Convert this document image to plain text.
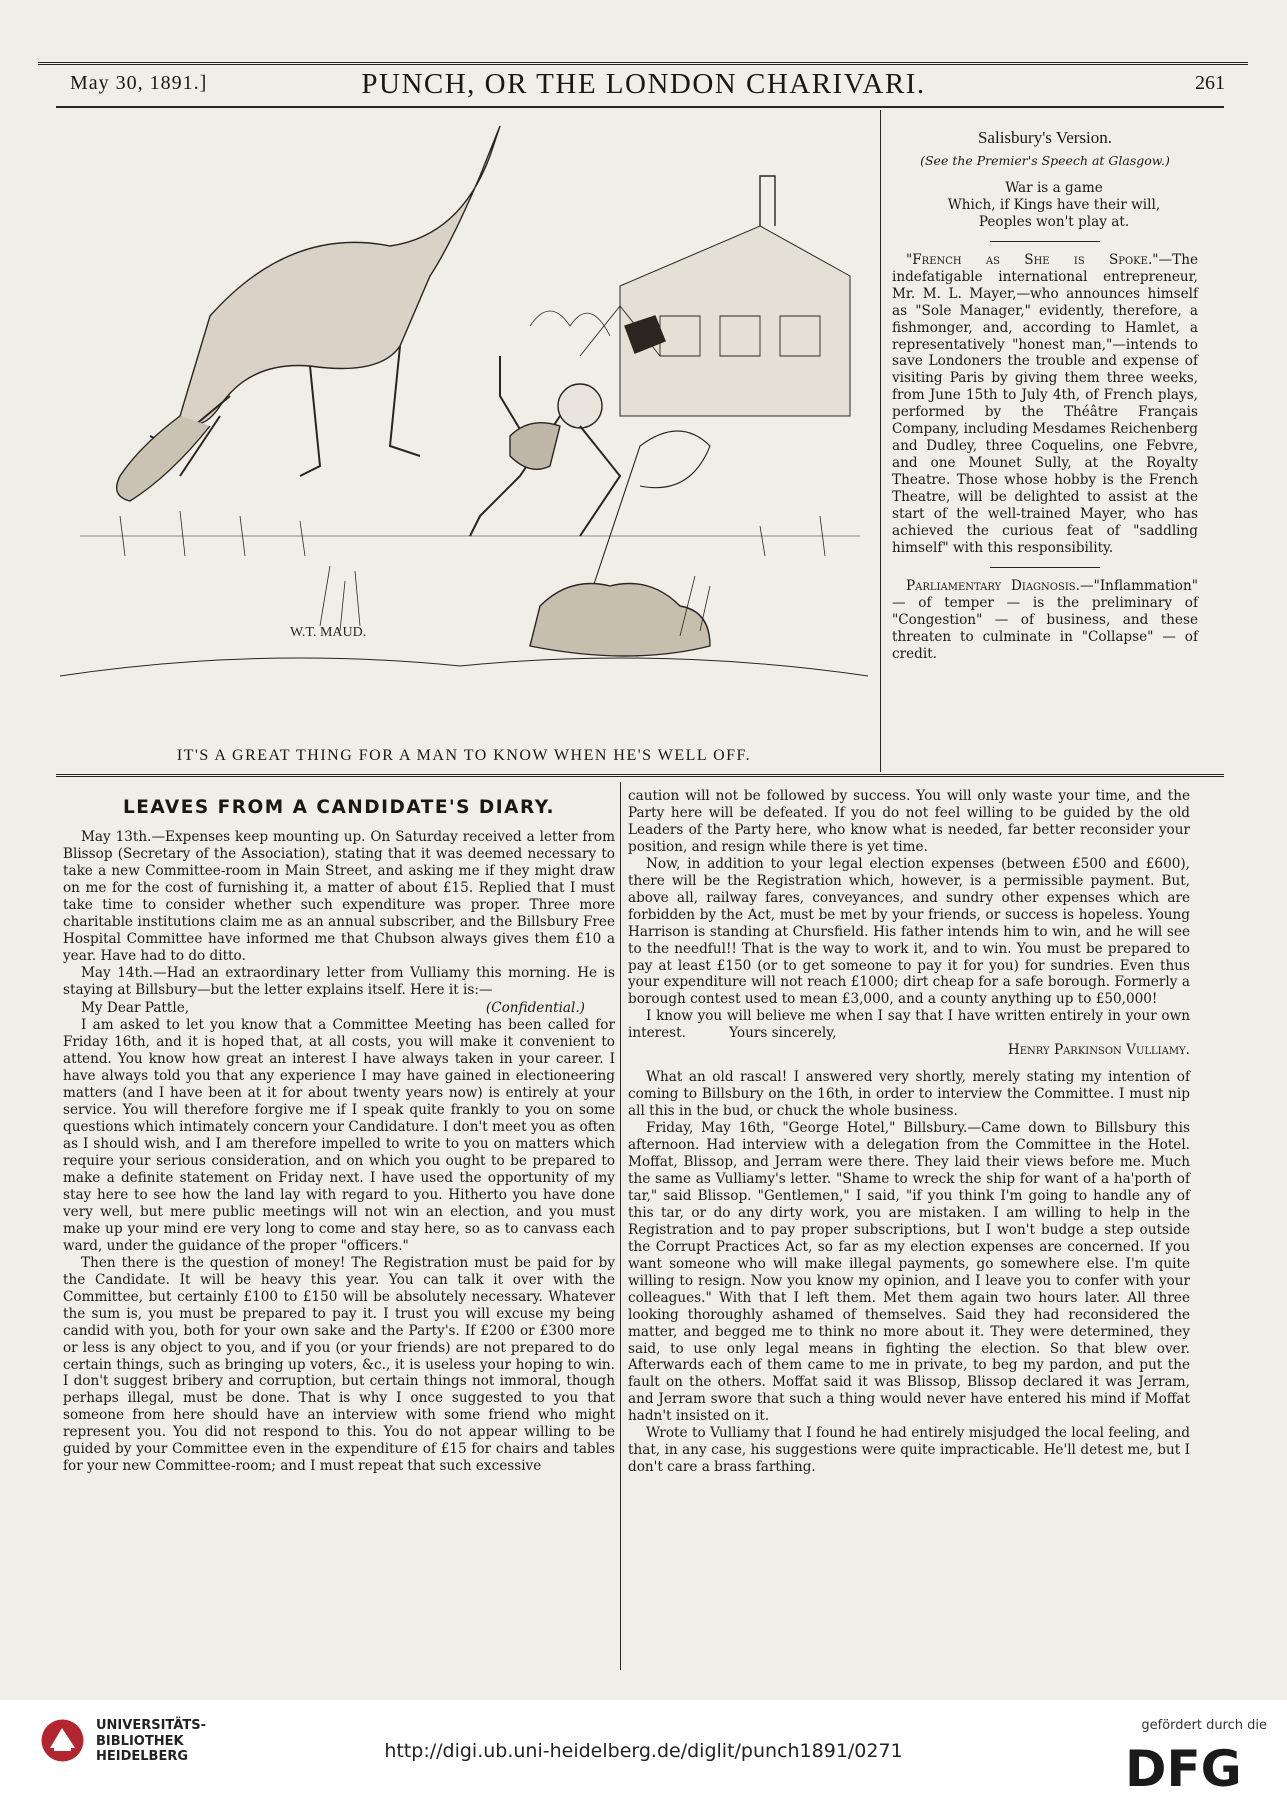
May 30, 1891.]	PUNCH, OR THE LONDON CHARIVARI.	261
W.T. MAUD.
IT'S A GREAT THING FOR A MAN TO KNOW WHEN HE'S WELL OFF.
Salisbury's Version.
(See the Premier's Speech at Glasgow.)

War is a game

Which, if Kings have their will,

Peoples won't play at.

"French as She is Spoke."—The indefatigable international entrepreneur, Mr. M. L. Mayer,—who announces himself as "Sole Manager," evidently, therefore, a fishmonger, and, according to Hamlet, a representatively "honest man,"—intends to save Londoners the trouble and expense of visiting Paris by giving them three weeks, from June 15th to July 4th, of French plays, performed by the Théâtre Français Company, including Mesdames Reichenberg and Dudley, three Coquelins, one Febvre, and one Mounet Sully, at the Royalty Theatre. Those whose hobby is the French Theatre, will be delighted to assist at the start of the well-trained Mayer, who has achieved the curious feat of "saddling himself" with this responsibility.

Parliamentary Diagnosis.—"Inflammation" — of temper — is the preliminary of "Congestion" — of business, and these threaten to culminate in "Collapse" — of credit.

LEAVES FROM A CANDIDATE'S DIARY.

May 13th.—Expenses keep mounting up. On Saturday received a letter from Blissop (Secretary of the Association), stating that it was deemed necessary to take a new Committee-room in Main Street, and asking me if they might draw on me for the cost of furnishing it, a matter of about £15. Replied that I must take time to consider whether such expenditure was proper. Three more charitable institutions claim me as an annual subscriber, and the Billsbury Free Hospital Committee have informed me that Chubson always gives them £10 a year. Have had to do ditto.

May 14th.—Had an extraordinary letter from Vulliamy this morning. He is staying at Billsbury—but the letter explains itself. Here it is:—

My Dear Pattle,	(Confidential.)

I am asked to let you know that a Committee Meeting has been called for Friday 16th, and it is hoped that, at all costs, you will make it convenient to attend. You know how great an interest I have always taken in your career. I have always told you that any experience I may have gained in electioneering matters (and I have been at it for about twenty years now) is entirely at your service. You will therefore forgive me if I speak quite frankly to you on some questions which intimately concern your Candidature. I don't meet you as often as I should wish, and I am therefore impelled to write to you on matters which require your serious consideration, and on which you ought to be prepared to make a definite statement on Friday next. I have used the opportunity of my stay here to see how the land lay with regard to you. Hitherto you have done very well, but mere public meetings will not win an election, and you must make up your mind ere very long to come and stay here, so as to canvass each ward, under the guidance of the proper "officers."

Then there is the question of money! The Registration must be paid for by the Candidate. It will be heavy this year. You can talk it over with the Committee, but certainly £100 to £150 will be absolutely necessary. Whatever the sum is, you must be prepared to pay it. I trust you will excuse my being candid with you, both for your own sake and the Party's. If £200 or £300 more or less is any object to you, and if you (or your friends) are not prepared to do certain things, such as bringing up voters, &c., it is useless your hoping to win. I don't suggest bribery and corruption, but certain things not immoral, though perhaps illegal, must be done. That is why I once suggested to you that someone from here should have an interview with some friend who might represent you. You did not respond to this. You do not appear willing to be guided by your Committee even in the expenditure of £15 for chairs and tables for your new Committee-room; and I must repeat that such excessive

caution will not be followed by success. You will only waste your time, and the Party here will be defeated. If you do not feel willing to be guided by the old Leaders of the Party here, who know what is needed, far better reconsider your position, and resign while there is yet time.

Now, in addition to your legal election expenses (between £500 and £600), there will be the Registration which, however, is a permissible payment. But, above all, railway fares, conveyances, and sundry other expenses which are forbidden by the Act, must be met by your friends, or success is hopeless. Young Harrison is standing at Chursfield. His father intends him to win, and he will see to the needful!! That is the way to work it, and to win. You must be prepared to pay at least £150 (or to get someone to pay it for you) for sundries. Even thus your expenditure will not reach £1000; dirt cheap for a safe borough. Formerly a borough contest used to mean £3,000, and a county anything up to £50,000!

I know you will believe me when I say that I have written entirely in your own interest.          Yours sincerely,

Henry Parkinson Vulliamy.

What an old rascal! I answered very shortly, merely stating my intention of coming to Billsbury on the 16th, in order to interview the Committee. I must nip all this in the bud, or chuck the whole business.

Friday, May 16th, "George Hotel," Billsbury.—Came down to Billsbury this afternoon. Had interview with a delegation from the Committee in the Hotel. Moffat, Blissop, and Jerram were there. They laid their views before me. Much the same as Vulliamy's letter. "Shame to wreck the ship for want of a ha'porth of tar," said Blissop. "Gentlemen," I said, "if you think I'm going to handle any of this tar, or do any dirty work, you are mistaken. I am willing to help in the Registration and to pay proper subscriptions, but I won't budge a step outside the Corrupt Practices Act, so far as my election expenses are concerned. If you want someone who will make illegal payments, go somewhere else. I'm quite willing to resign. Now you know my opinion, and I leave you to confer with your colleagues." With that I left them. Met them again two hours later. All three looking thoroughly ashamed of themselves. Said they had reconsidered the matter, and begged me to think no more about it. They were determined, they said, to use only legal means in fighting the election. So that blew over. Afterwards each of them came to me in private, to beg my pardon, and put the fault on the others. Moffat said it was Blissop, Blissop declared it was Jerram, and Jerram swore that such a thing would never have entered his mind if Moffat hadn't insisted on it.

Wrote to Vulliamy that I found he had entirely misjudged the local feeling, and that, in any case, his suggestions were quite impracticable. He'll detest me, but I don't care a brass farthing.

UNIVERSITÄTS-
BIBLIOTHEK
HEIDELBERG	http://digi.ub.uni-heidelberg.de/diglit/punch1891/0271
gefördert durch die
DFG
